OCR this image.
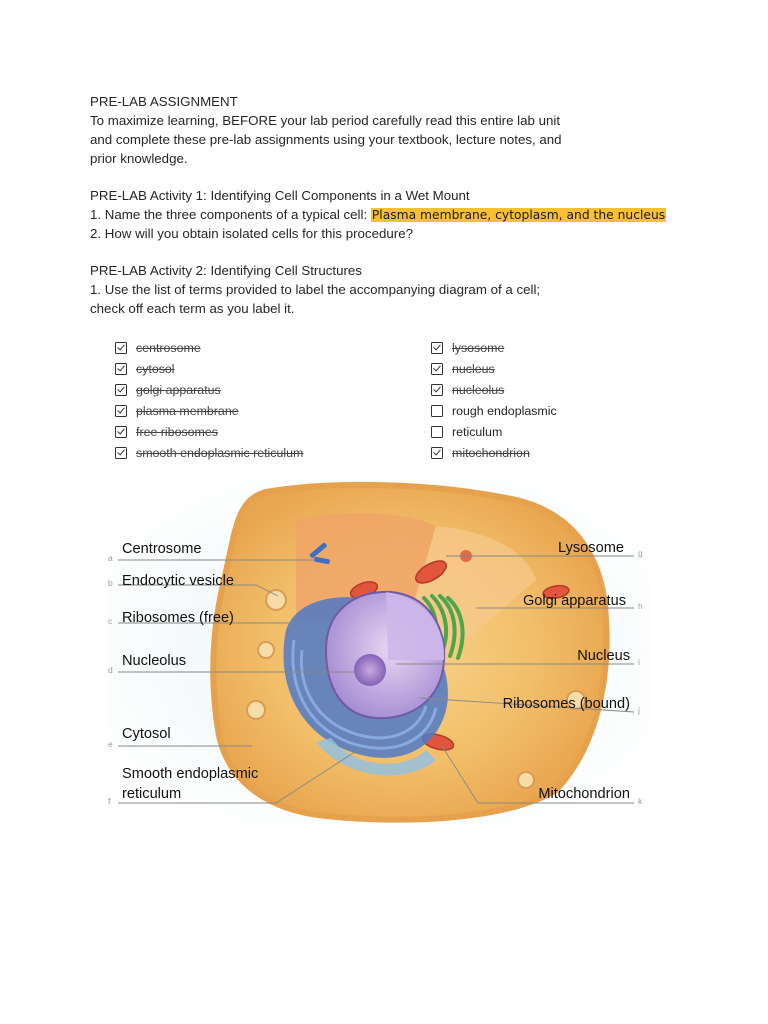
PRE-LAB ASSIGNMENT
To maximize learning, BEFORE your lab period carefully read this entire lab unit
and complete these pre-lab assignments using your textbook, lecture notes, and
prior knowledge.
PRE-LAB Activity 1: Identifying Cell Components in a Wet Mount
1. Name the three components of a typical cell: Plasma membrane, cytoplasm, and the nucleus
2. How will you obtain isolated cells for this procedure?
PRE-LAB Activity 2: Identifying Cell Structures
1. Use the list of terms provided to label the accompanying diagram of a cell;
check off each term as you label it.
centrosome
cytosol
golgi apparatus
plasma membrane
free ribosomes
smooth endoplasmic reticulum
lysosome
nucleus
nucleolus
rough endoplasmic
reticulum
mitochondrion
a
Centrosome
b Endocytic vesicle
c Ribosomes (free)
d
Nucleolus
e
Cytosol
f
Smooth endoplasmic
reticulum
Lysosome g
Golgi apparatus h
Nucleus i
Ribosomes (bound) j
Mitochondrion k
